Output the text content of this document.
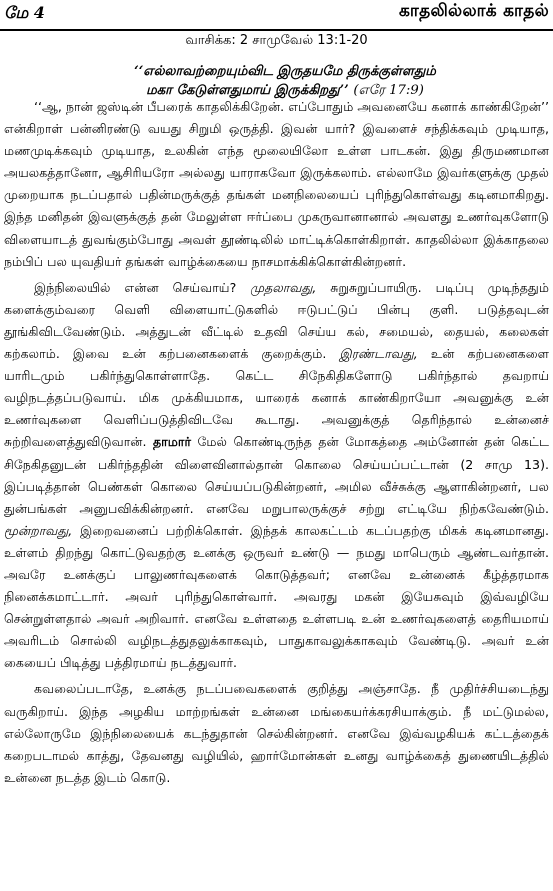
மே 4	காதலில்லாக் காதல்
வாசிக்க: 2 சாமுவேல் 13:1-20
‘‘எல்லாவற்றையும்விட இருதயமே திருக்குள்ளதும்
மகா கேடுள்ளதுமாய் இருக்கிறது’’ (எரே 17:9)

‘‘ஆ, நான் ஜஸ்டின் பீபரைக் காதலிக்கிறேன். எப்போதும் அவனையே கனாக் காண்கிறேன்’’ என்கிறாள் பன்னிரண்டு வயது சிறுமி ஒருத்தி. இவன் யார்? இவளைச் சந்திக்கவும் முடியாத, மணமுடிக்கவும் முடியாத, உலகின் எந்த மூலையிலோ உள்ள பாடகன். இது திருமணமான அயலகத்தானோ, ஆசிரியரோ அல்லது யாராகவோ இருக்கலாம். எல்லாமே இவர்களுக்கு முதல் முறையாக நடப்பதால் பதின்மருக்குத் தங்கள் மனநிலையைப் புரிந்துகொள்வது கடினமாகிறது. இந்த மனிதன் இவளுக்குத் தன் மேலுள்ள ஈர்ப்பை முகருவானானால் அவளது உணர்வுகளோடு விளையாடத் துவங்கும்போது அவள் தூண்டிலில் மாட்டிக்கொள்கிறாள். காதலில்லா இக்காதலை நம்பிப் பல யுவதியர் தங்கள் வாழ்க்கையை நாசமாக்கிக்கொள்கின்றனர்.

இந்நிலையில் என்ன செய்வாய்? முதலாவது, சுறுசுறுப்பாயிரு. படிப்பு முடிந்ததும் களைக்கும்வரை வெளி விளையாட்டுகளில் ஈடுபட்டுப் பின்பு குளி. படுத்தவுடன் தூங்கிவிடவேண்டும். அத்துடன் வீட்டில் உதவி செய்ய கல், சமையல், தையல், கலைகள் கற்கலாம். இவை உன் கற்பனைகளைக் குறைக்கும். இரண்டாவது, உன் கற்பனைகளை யாரிடமும் பகிர்ந்துகொள்ளாதே. கெட்ட சிநேகிதிகளோடு பகிர்ந்தால் தவறாய் வழிநடத்தப்படுவாய். மிக முக்கியமாக, யாரைக் கனாக் காண்கிறாயோ அவனுக்கு உன் உணர்வுகளை வெளிப்படுத்திவிடவே கூடாது. அவனுக்குத் தெரிந்தால் உன்னைச் சுற்றிவளைத்துவிடுவான். தாமார் மேல் கொண்டிருந்த தன் மோகத்தை அம்னோன் தன் கெட்ட சிநேகிதனுடன் பகிர்ந்ததின் விளைவினால்தான் கொலை செய்யப்பட்டான் (2 சாமு 13). இப்படித்தான் பெண்கள் கொலை செய்யப்படுகின்றனர், அமில வீச்சுக்கு ஆளாகின்றனர், பல துன்பங்கள் அனுபவிக்கின்றனர். எனவே மறுபாலருக்குச் சற்று எட்டியே நிற்கவேண்டும். மூன்றாவது, இறைவனைப் பற்றிக்கொள். இந்தக் காலகட்டம் கடப்பதற்கு மிகக் கடினமானது. உள்ளம் திறந்து கொட்டுவதற்கு உனக்கு ஒருவர் உண்டு — நமது மாபெரும் ஆண்டவர்தான். அவரே உனக்குப் பாலுணர்வுகளைக் கொடுத்தவர்; எனவே உன்னைக் கீழ்த்தரமாக நினைக்கமாட்டார். அவர் புரிந்துகொள்வார். அவரது மகன் இயேசுவும் இவ்வழியே சென்றுள்ளதால் அவர் அறிவார். எனவே உள்ளதை உள்ளபடி உன் உணர்வுகளைத் தைரியமாய் அவரிடம் சொல்லி வழிநடத்துதலுக்காகவும், பாதுகாவலுக்காகவும் வேண்டிடு. அவர் உன் கையைப் பிடித்து பத்திரமாய் நடத்துவார்.

கவலைப்படாதே, உனக்கு நடப்பவைகளைக் குறித்து அஞ்சாதே. நீ முதிர்ச்சியடைந்து வருகிறாய். இந்த அழகிய மாற்றங்கள் உன்னை மங்கையர்க்கரசியாக்கும். நீ மட்டுமல்ல, எல்லோருமே இந்நிலையைக் கடந்துதான் செல்கின்றனர். எனவே இவ்வழகியக் கட்டத்தைக் கறைபடாமல் காத்து, தேவனது வழியில், ஹார்மோன்கள் உனது வாழ்க்கைத் துணையிடத்தில் உன்னை நடத்த இடம் கொடு.
